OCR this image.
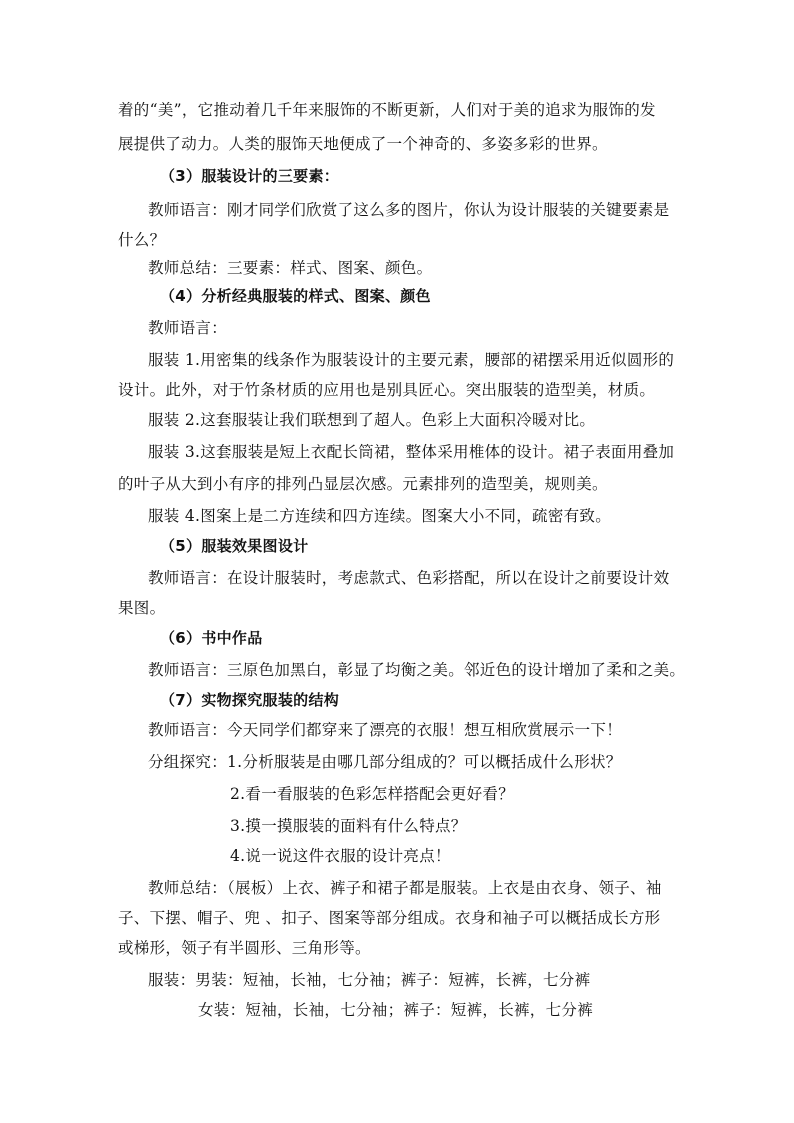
着的“美”，它推动着几千年来服饰的不断更新，人们对于美的追求为服饰的发
展提供了动力。人类的服饰天地便成了一个神奇的、多姿多彩的世界。
（3）服装设计的三要素：
教师语言：刚才同学们欣赏了这么多的图片，你认为设计服装的关键要素是
什么？
教师总结：三要素：样式、图案、颜色。
（4）分析经典服装的样式、图案、颜色
教师语言：
服装 1.用密集的线条作为服装设计的主要元素，腰部的裙摆采用近似圆形的
设计。此外，对于竹条材质的应用也是别具匠心。突出服装的造型美，材质。
服装 2.这套服装让我们联想到了超人。色彩上大面积冷暖对比。
服装 3.这套服装是短上衣配长筒裙，整体采用椎体的设计。裙子表面用叠加
的叶子从大到小有序的排列凸显层次感。元素排列的造型美，规则美。
服装 4.图案上是二方连续和四方连续。图案大小不同，疏密有致。
（5）服装效果图设计
教师语言：在设计服装时，考虑款式、色彩搭配，所以在设计之前要设计效
果图。
（6）书中作品
教师语言：三原色加黑白，彰显了均衡之美。邻近色的设计增加了柔和之美。
（7）实物探究服装的结构
教师语言：今天同学们都穿来了漂亮的衣服！想互相欣赏展示一下！
分组探究：1.分析服装是由哪几部分组成的？可以概括成什么形状？
2.看一看服装的色彩怎样搭配会更好看？
3.摸一摸服装的面料有什么特点？
4.说一说这件衣服的设计亮点！
教师总结：（展板）上衣、裤子和裙子都是服装。上衣是由衣身、领子、袖
子、下摆、帽子、兜 、扣子、图案等部分组成。衣身和袖子可以概括成长方形
或梯形，领子有半圆形、三角形等。
服装：男装：短袖，长袖，七分袖；裤子：短裤，长裤，七分裤
女装：短袖，长袖，七分袖；裤子：短裤，长裤，七分裤
